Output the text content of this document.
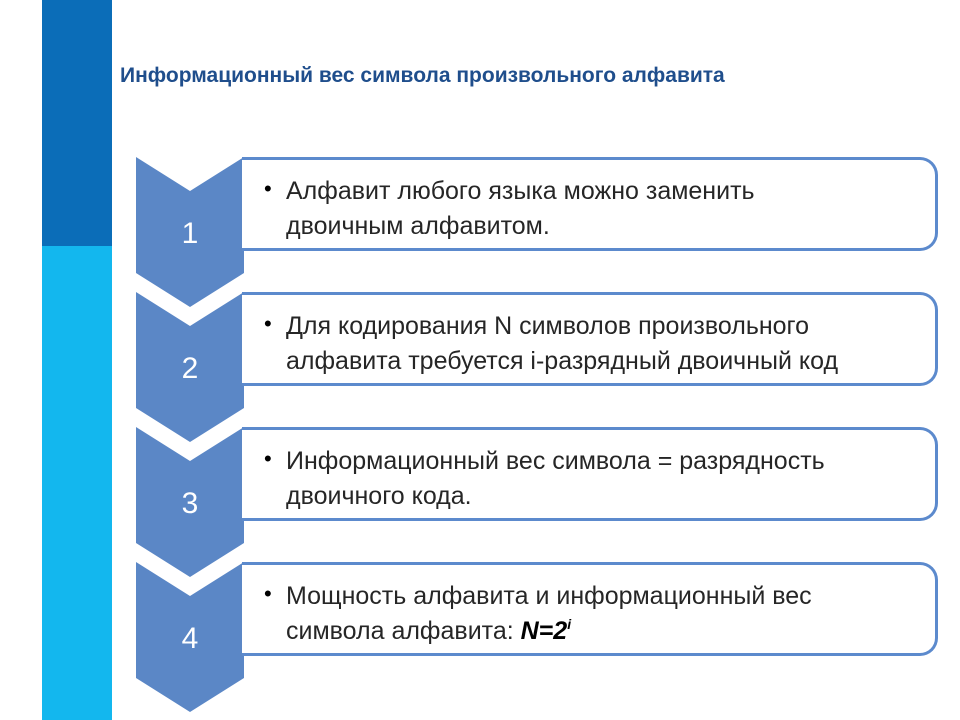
Информационный вес символа произвольного алфавита
1
• Алфавит любого языка можно заменить
двоичным алфавитом.
2
• Для кодирования N символов произвольного
алфавита требуется i-разрядный двоичный код
3
• Информационный вес символа = разрядность
двоичного кода.
4
• Мощность алфавита и информационный вес
символа алфавита: $N=2^i$
